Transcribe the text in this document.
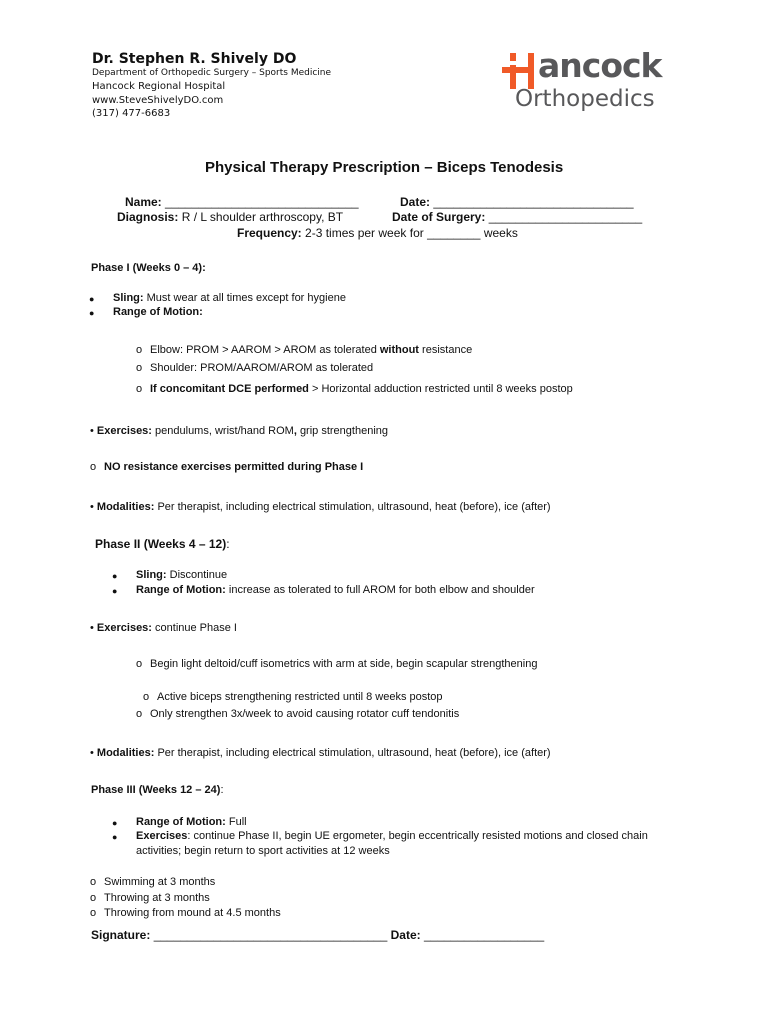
Dr. Stephen R. Shively DO
Department of Orthopedic Surgery – Sports Medicine
Hancock Regional Hospital
www.SteveShivelyDO.com
(317) 477-6683
ancock
Orthopedics
Physical Therapy Prescription – Biceps Tenodesis
Name: _____________________________	Date: ______________________________
Diagnosis: R / L shoulder arthroscopy, BT	Date of Surgery: _______________________
Frequency: 2-3 times per week for ________ weeks
Phase I (Weeks 0 – 4):
● Sling: Must wear at all times except for hygiene
● Range of Motion:
o Elbow: PROM > AAROM > AROM as tolerated without resistance
o Shoulder: PROM/AAROM/AROM as tolerated
o If concomitant DCE performed > Horizontal adduction restricted until 8 weeks postop
• Exercises: pendulums, wrist/hand ROM, grip strengthening
o NO resistance exercises permitted during Phase I
• Modalities: Per therapist, including electrical stimulation, ultrasound, heat (before), ice (after)
Phase II (Weeks 4 – 12):
● Sling: Discontinue
● Range of Motion: increase as tolerated to full AROM for both elbow and shoulder
• Exercises: continue Phase I
o Begin light deltoid/cuff isometrics with arm at side, begin scapular strengthening
o Active biceps strengthening restricted until 8 weeks postop
o Only strengthen 3x/week to avoid causing rotator cuff tendonitis
• Modalities: Per therapist, including electrical stimulation, ultrasound, heat (before), ice (after)
Phase III (Weeks 12 – 24):
● Range of Motion: Full
● Exercises: continue Phase II, begin UE ergometer, begin eccentrically resisted motions and closed chain
activities; begin return to sport activities at 12 weeks
o Swimming at 3 months
o Throwing at 3 months
o Throwing from mound at 4.5 months
Signature: ___________________________________ Date: __________________
